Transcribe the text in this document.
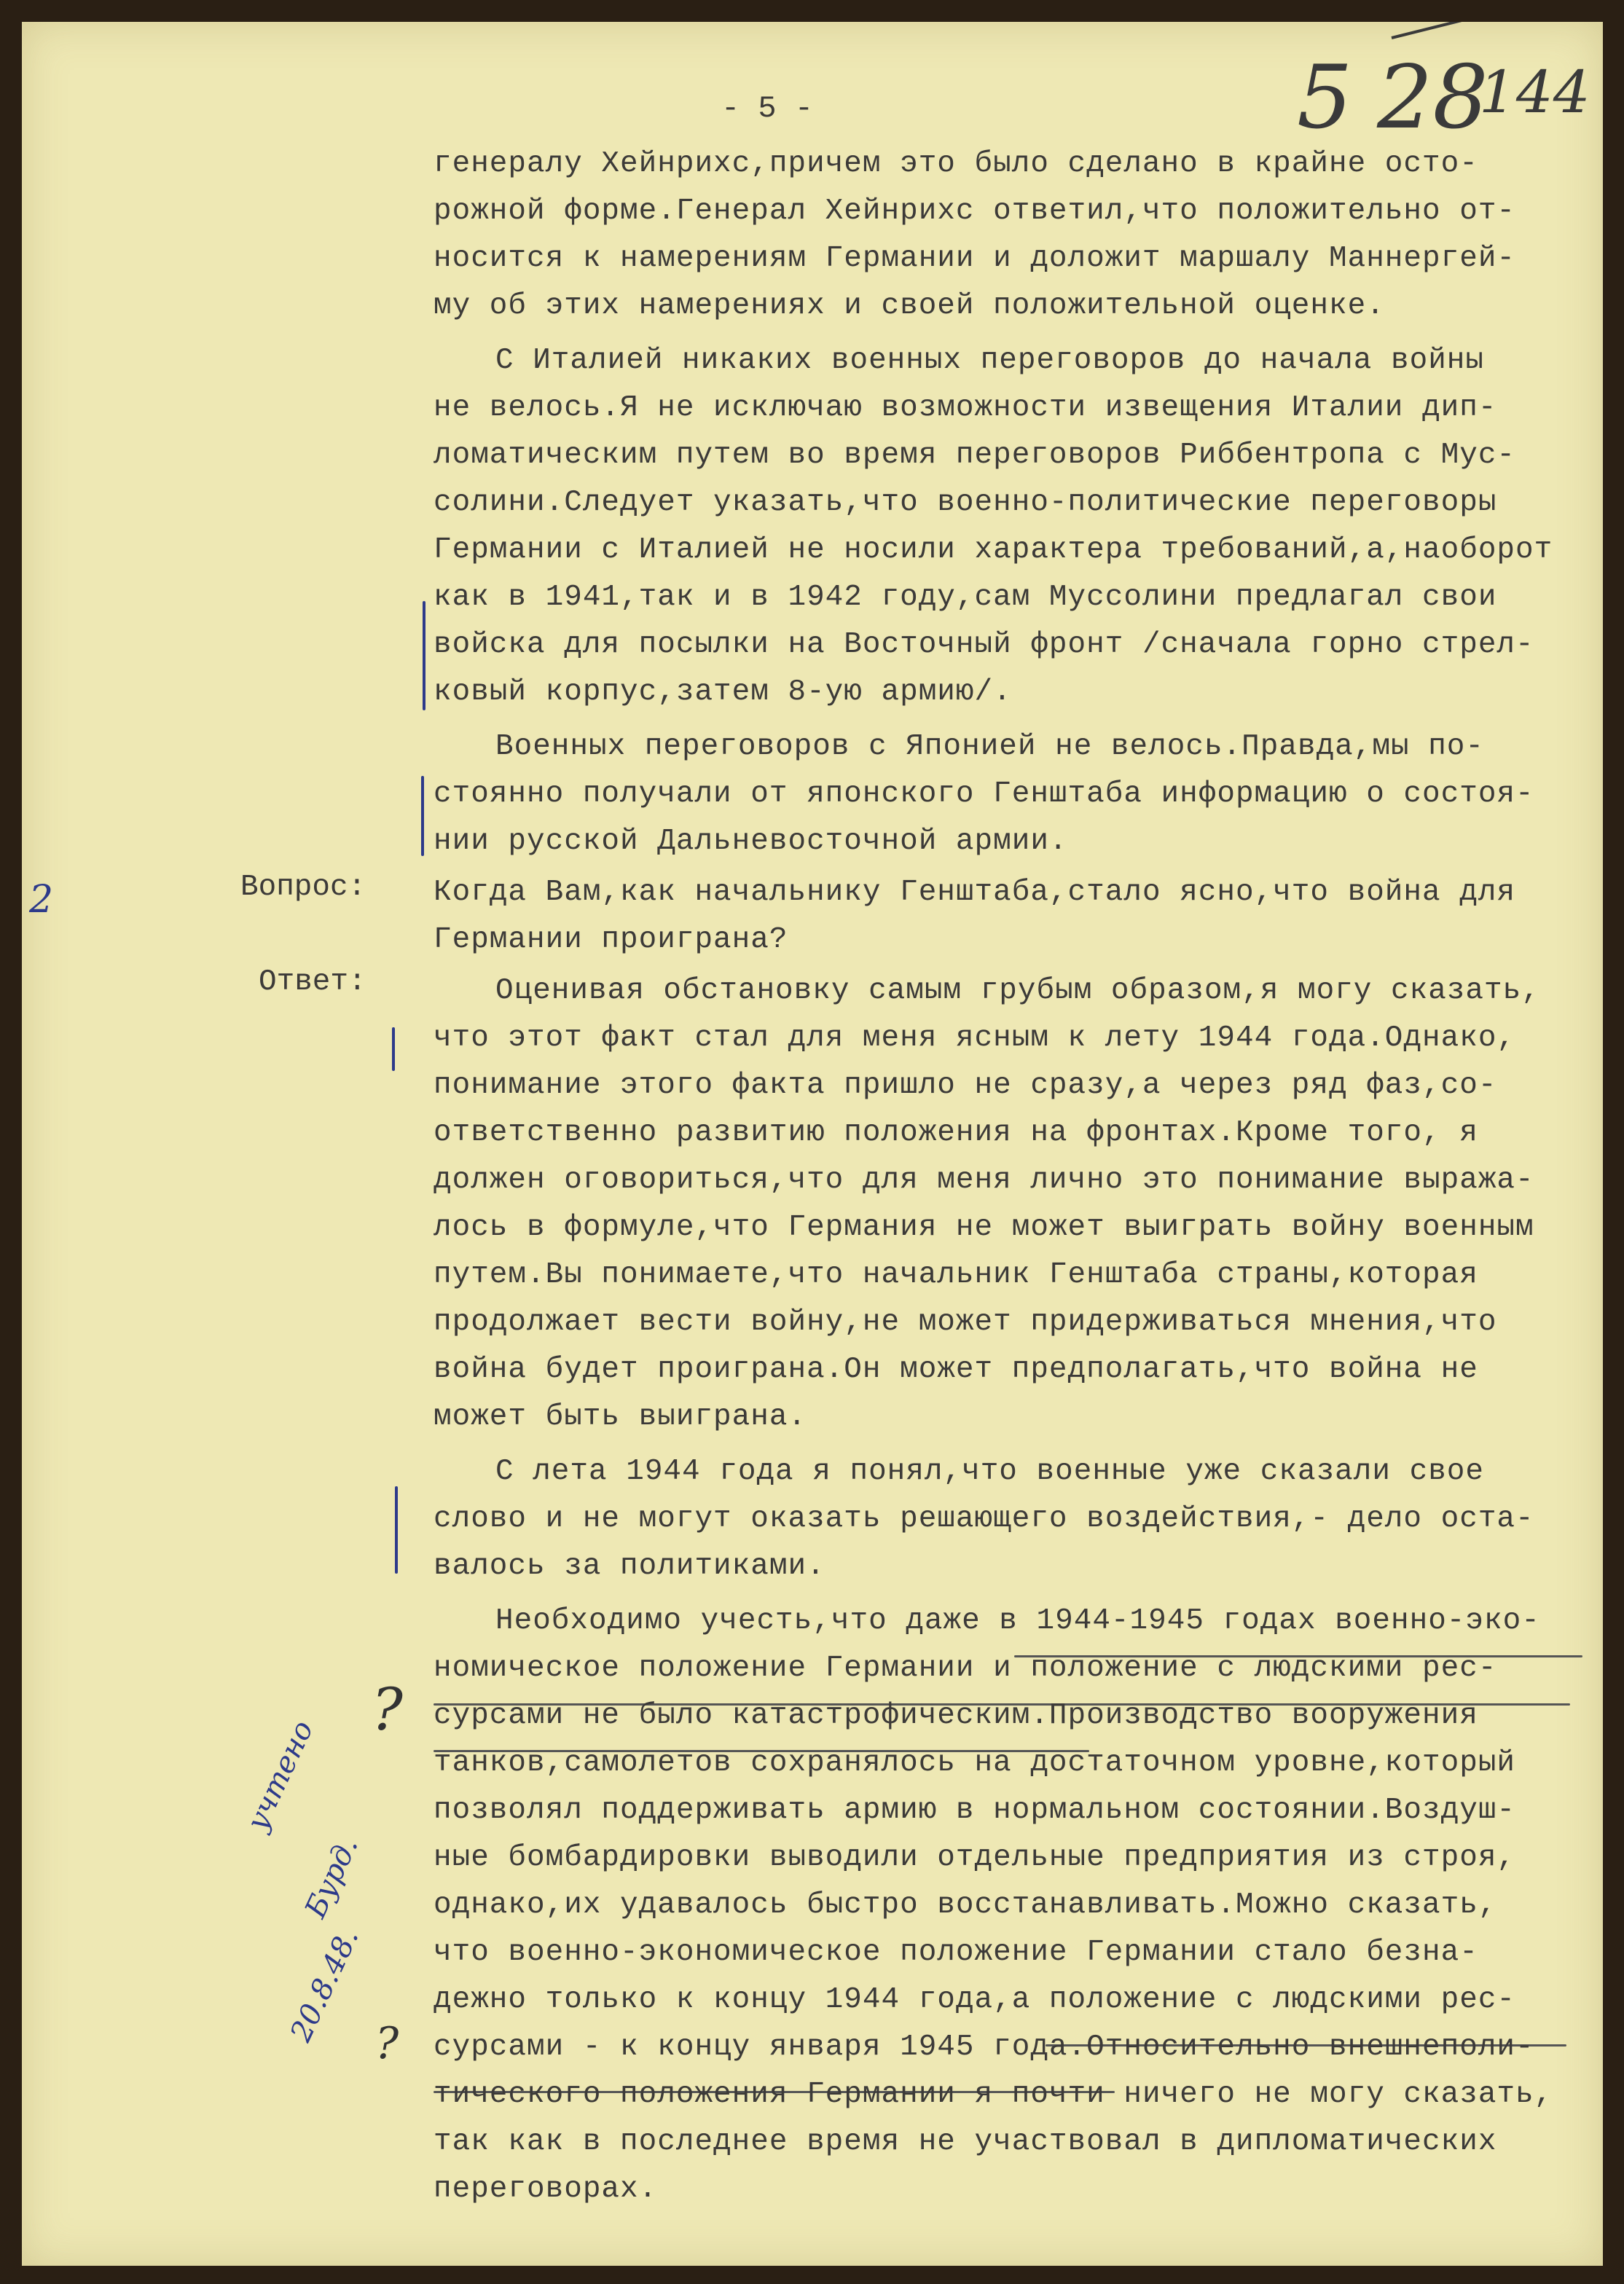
5 28
144
- 5 -
Вопрос:
Ответ:
2
?
?
учтено
Бурд.
20.8.48.
генералу Хейнрихс,причем это было сделано в крайне осто-
рожной форме.Генерал Хейнрихс ответил,что положительно от-
носится к намерениям Германии и доложит маршалу Маннергей-
му об этих намерениях и своей положительной оценке.
С Италией никаких военных переговоров до начала войны
не велось.Я не исключаю возможности извещения Италии дип-
ломатическим путем во время переговоров Риббентропа с Мус-
солини.Следует указать,что военно-политические переговоры
Германии с Италией не носили характера требований,а,наоборот
как в 1941,так и в 1942 году,сам Муссолини предлагал свои
войска для посылки на Восточный фронт /сначала горно стрел-
ковый корпус,затем 8-ую армию/.
Военных переговоров с Японией не велось.Правда,мы по-
стоянно получали от японского Генштаба информацию о состоя-
нии русской Дальневосточной армии.
Когда Вам,как начальнику Генштаба,стало ясно,что война для
Германии проиграна?
Оценивая обстановку самым грубым образом,я могу сказать,
что этот факт стал для меня ясным к лету 1944 года.Однако,
понимание этого факта пришло не сразу,а через ряд фаз,со-
ответственно развитию положения на фронтах.Кроме того, я
должен оговориться,что для меня лично это понимание выража-
лось в формуле,что Германия не может выиграть войну военным
путем.Вы понимаете,что начальник Генштаба страны,которая
продолжает вести войну,не может придерживаться мнения,что
война будет проиграна.Он может предполагать,что война не
может быть выиграна.
С лета 1944 года я понял,что военные уже сказали свое
слово и не могут оказать решающего воздействия,- дело оста-
валось за политиками.
Необходимо учесть,что даже в 1944-1945 годах военно-эко-
номическое положение Германии и положение с людскими рес-
сурсами не было катастрофическим.Производство вооружения
танков,самолетов сохранялось на достаточном уровне,который
позволял поддерживать армию в нормальном состоянии.Воздуш-
ные бомбардировки выводили отдельные предприятия из строя,
однако,их удавалось быстро восстанавливать.Можно сказать,
что военно-экономическое положение Германии стало безна-
дежно только к концу 1944 года,а положение с людскими рес-
сурсами - к концу января 1945 года.Относительно внешнеполи-
тического положения Германии я почти ничего не могу сказать,
так как в последнее время не участвовал в дипломатических
переговорах.
